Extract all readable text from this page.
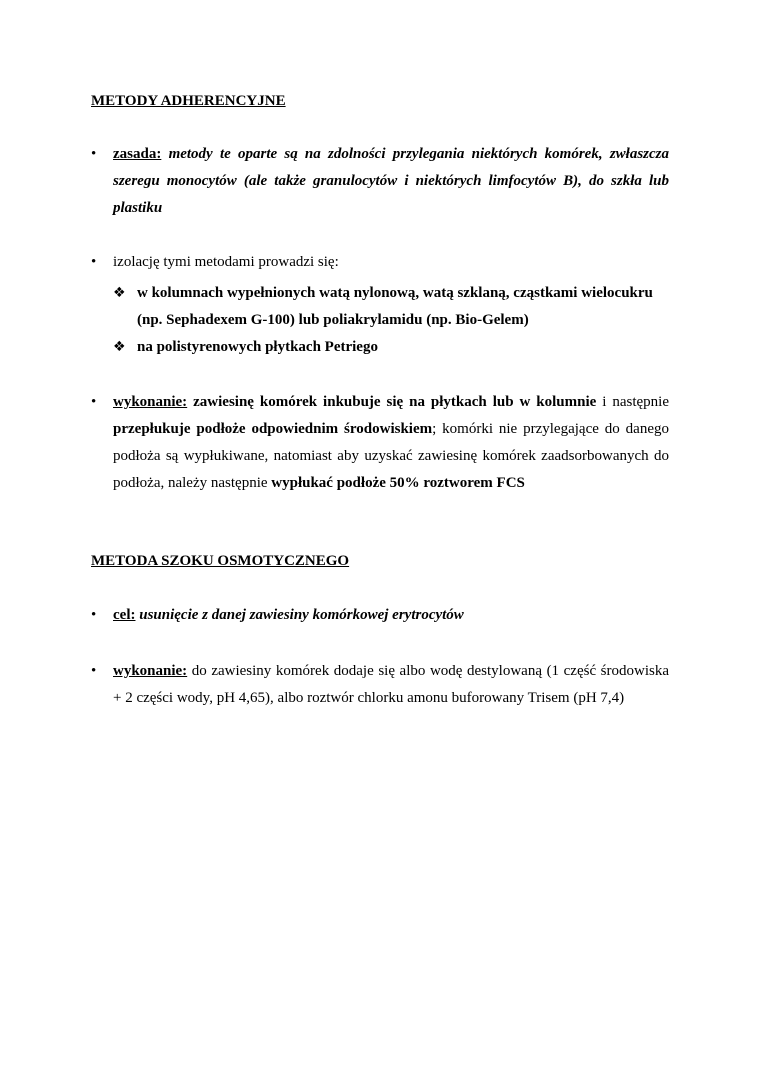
METODY ADHERENCYJNE
• zasada: metody te oparte są na zdolności przylegania niektórych komórek, zwłaszcza szeregu monocytów (ale także granulocytów i niektórych limfocytów B), do szkła lub plastiku
• izolację tymi metodami prowadzi się:
❖ w kolumnach wypełnionych watą nylonową, watą szklaną, cząstkami wielocukru (np. Sephadexem G-100) lub poliakrylamidu (np. Bio-Gelem)
❖ na polistyrenowych płytkach Petriego
• wykonanie: zawiesinę komórek inkubuje się na płytkach lub w kolumnie i następnie przepłukuje podłoże odpowiednim środowiskiem; komórki nie przylegające do danego podłoża są wypłukiwane, natomiast aby uzyskać zawiesinę komórek zaadsorbowanych do podłoża, należy następnie wypłukać podłoże 50% roztworem FCS
METODA SZOKU OSMOTYCZNEGO
• cel: usunięcie z danej zawiesiny komórkowej erytrocytów
• wykonanie: do zawiesiny komórek dodaje się albo wodę destylowaną (1 część środowiska + 2 części wody, pH 4,65), albo roztwór chlorku amonu buforowany Trisem (pH 7,4)
